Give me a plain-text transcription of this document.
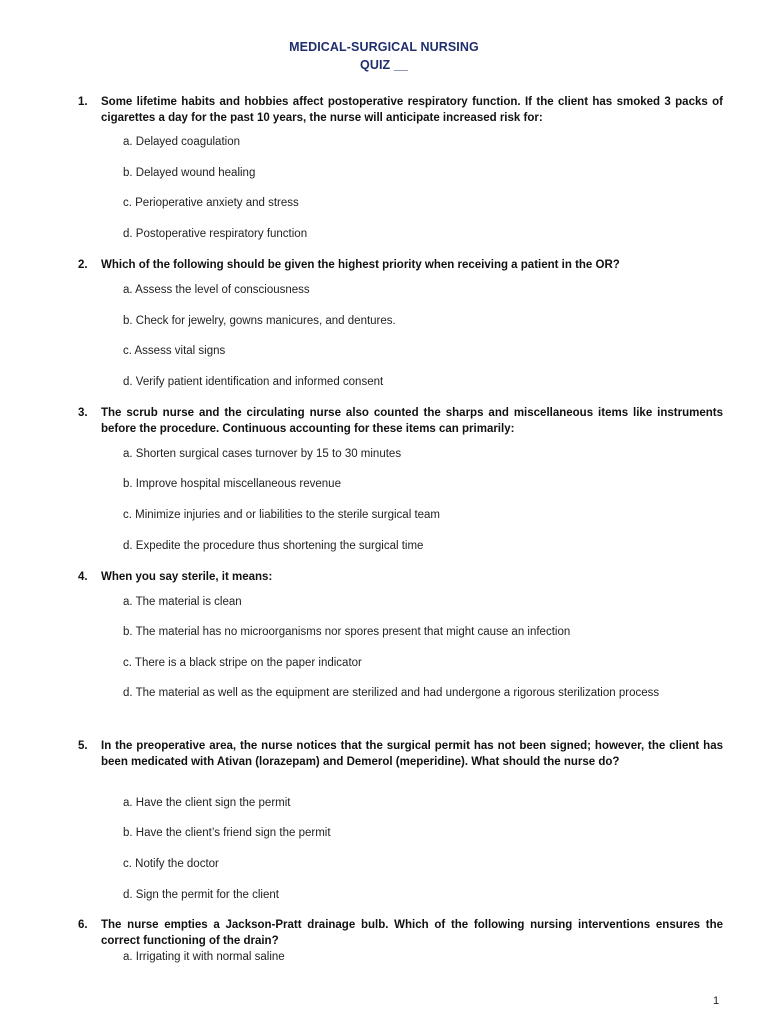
MEDICAL-SURGICAL NURSING
QUIZ __
1. Some lifetime habits and hobbies affect postoperative respiratory function. If the client has smoked 3 packs of cigarettes a day for the past 10 years, the nurse will anticipate increased risk for:
a. Delayed coagulation
b. Delayed wound healing
c. Perioperative anxiety and stress
d. Postoperative respiratory function
2. Which of the following should be given the highest priority when receiving a patient in the OR?
a. Assess the level of consciousness
b. Check for jewelry, gowns manicures, and dentures.
c. Assess vital signs
d. Verify patient identification and informed consent
3. The scrub nurse and the circulating nurse also counted the sharps and miscellaneous items like instruments before the procedure. Continuous accounting for these items can primarily:
a. Shorten surgical cases turnover by 15 to 30 minutes
b. Improve hospital miscellaneous revenue
c. Minimize injuries and or liabilities to the sterile surgical team
d. Expedite the procedure thus shortening the surgical time
4. When you say sterile, it means:
a. The material is clean
b. The material has no microorganisms nor spores present that might cause an infection
c. There is a black stripe on the paper indicator
d. The material as well as the equipment are sterilized and had undergone a rigorous sterilization process
5. In the preoperative area, the nurse notices that the surgical permit has not been signed; however, the client has been medicated with Ativan (lorazepam) and Demerol (meperidine). What should the nurse do?
a. Have the client sign the permit
b. Have the client’s friend sign the permit
c. Notify the doctor
d. Sign the permit for the client
6. The nurse empties a Jackson-Pratt drainage bulb. Which of the following nursing interventions ensures the correct functioning of the drain?
a. Irrigating it with normal saline
1
